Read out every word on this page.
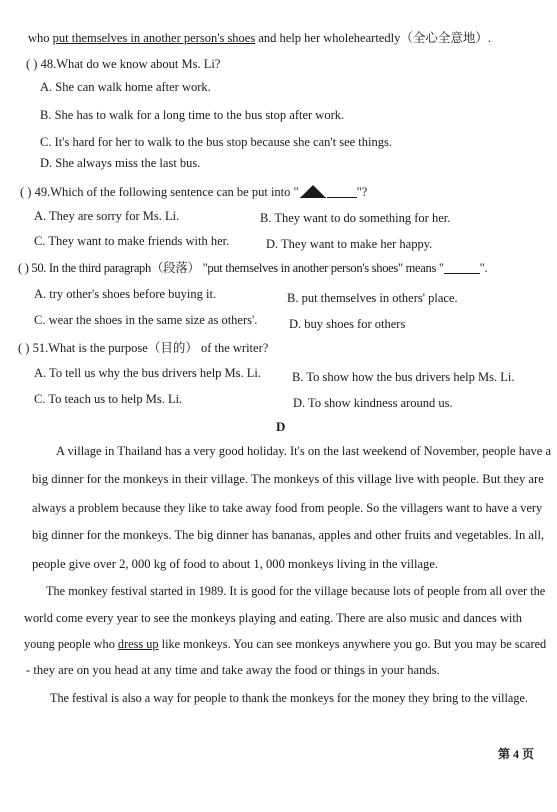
who put themselves in another person's shoes and help her wholeheartedly（全心全意地）.
( ) 48.What do we know about Ms. Li?
A. She can walk home after work.
B. She has to walk for a long time to the bus stop after work.
C. It's hard for her to walk to the bus stop because she can't see things.
D. She always miss the last bus.
( ) 49.Which of the following sentence can be put into "	"?
A. They are sorry for Ms. Li.	B. They want to do something for her.
C. They want to make friends with her.	D. They want to make her happy.
( ) 50. In the third paragraph（段落） "put themselves in another person's shoes" means "	".
A. try other's shoes before buying it.	B. put themselves in others' place.
C. wear the shoes in the same size as others'.	D. buy shoes for others
( ) 51.What is the purpose（目的） of the writer?
A. To tell us why the bus drivers help Ms. Li. B. To show how the bus drivers help Ms. Li.
C. To teach us to help Ms. Li.	D. To show kindness around us.
D
A village in Thailand has a very good holiday. It's on the last weekend of November, people have a
big dinner for the monkeys in their village. The monkeys of this village live with people. But they are
always a problem because they like to take away food from people. So the villagers want to have a very
big dinner for the monkeys. The big dinner has bananas, apples and other fruits and vegetables. In all,
people give over 2, 000 kg of food to about 1, 000 monkeys living in the village.
The monkey festival started in 1989. It is good for the village because lots of people from all over the
world come every year to see the monkeys playing and eating. There are also music and dances with
young people who dress up like monkeys. You can see monkeys anywhere you go. But you may be scared
- they are on you head at any time and take away the food or things in your hands.
The festival is also a way for people to thank the monkeys for the money they bring to the village.
第 4 页
